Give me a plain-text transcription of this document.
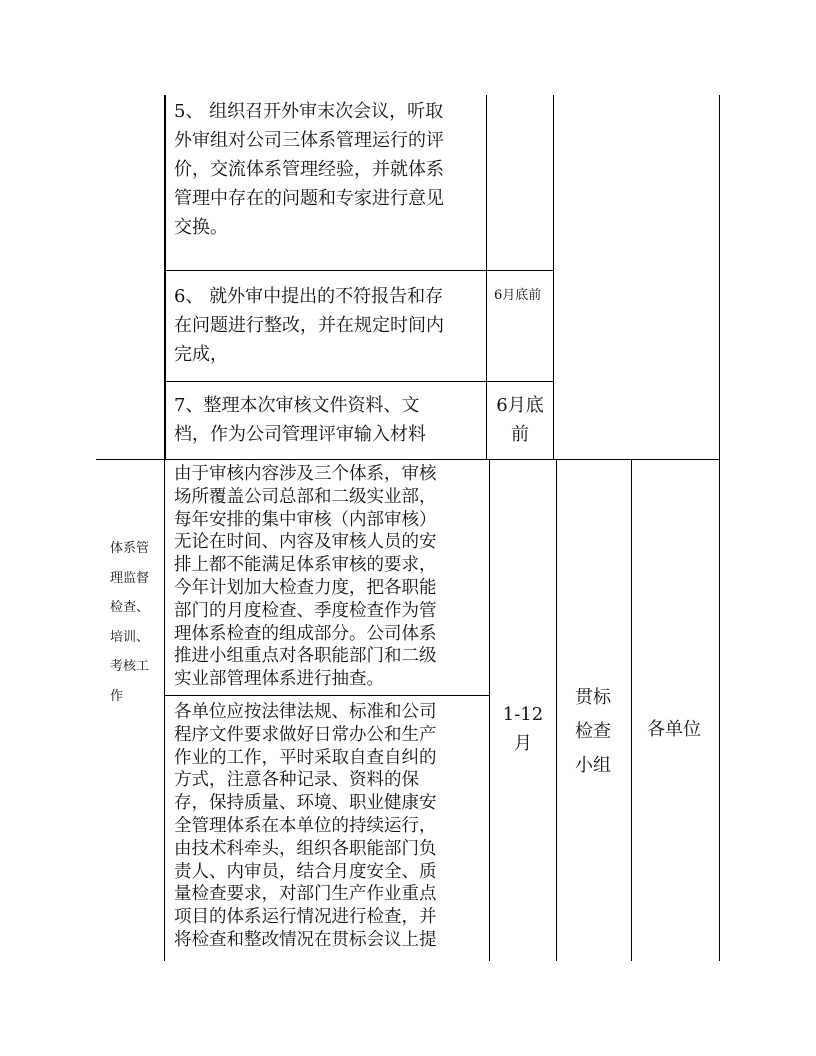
5、 组织召开外审末次会议，听取
外审组对公司三体系管理运行的评
价，交流体系管理经验，并就体系
管理中存在的问题和专家进行意见
交换。
6、 就外审中提出的不符报告和存
在问题进行整改，并在规定时间内
完成，
6月底前
7、整理本次审核文件资料、文
档，作为公司管理评审输入材料
6月底
前
体系管
理监督
检查、
培训、
考核工
作
由于审核内容涉及三个体系，审核
场所覆盖公司总部和二级实业部，
每年安排的集中审核（内部审核）
无论在时间、内容及审核人员的安
排上都不能满足体系审核的要求，
今年计划加大检查力度，把各职能
部门的月度检查、季度检查作为管
理体系检查的组成部分。公司体系
推进小组重点对各职能部门和二级
实业部管理体系进行抽查。
各单位应按法律法规、标准和公司
程序文件要求做好日常办公和生产
作业的工作，平时采取自查自纠的
方式，注意各种记录、资料的保
存，保持质量、环境、职业健康安
全管理体系在本单位的持续运行，
由技术科牵头，组织各职能部门负
责人、内审员，结合月度安全、质
量检查要求，对部门生产作业重点
项目的体系运行情况进行检查，并
将检查和整改情况在贯标会议上提
1-12
月
贯标
检查
小组
各单位
